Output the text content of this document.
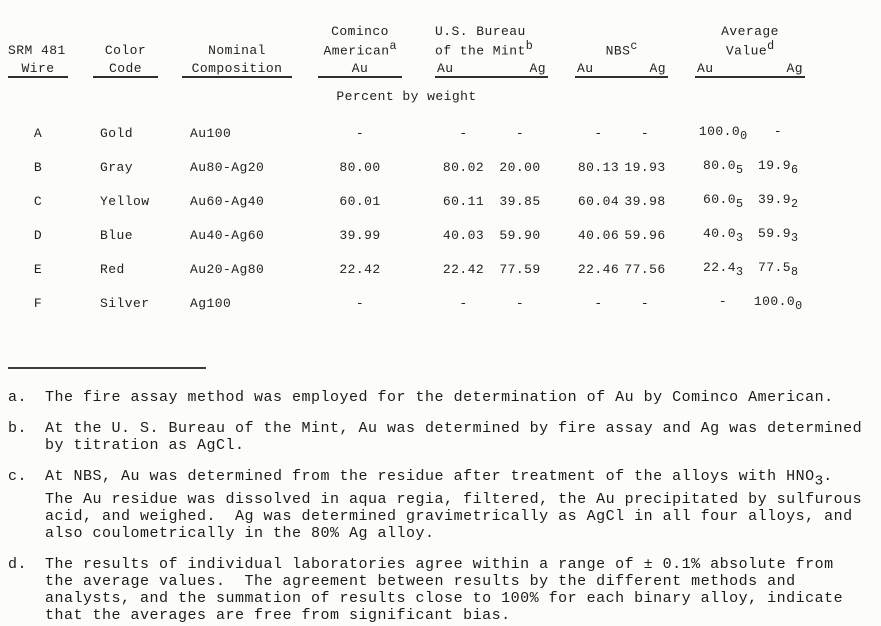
						Cominco		U.S. Bureau						Average	
SRM 481		Color		Nominal		Americana		of the Mintb			NBSc			Valued	
Wire		Code		Composition		Au		Au Ag			Au Ag			Au Ag	

Percent by weight															
A		Gold		Au100		-		-	-		-	-		100.00	-
B		Gray		Au80-Ag20		80.00		80.02	20.00		80.13	19.93		80.05	19.96
C		Yellow		Au60-Ag40		60.01		60.11	39.85		60.04	39.98		60.05	39.92
D		Blue		Au40-Ag60		39.99		40.03	59.90		40.06	59.96		40.03	59.93
E		Red		Au20-Ag80		22.42		22.42	77.59		22.46	77.56		22.43	77.58
F		Silver		Ag100		-		-	-		-	-		-	100.00
a.	The fire assay method was employed for the determination of Au by Cominco American.
b.	At the U. S. Bureau of the Mint, Au was determined by fire assay and Ag was determined
by titration as AgCl.
c.	At NBS, Au was determined from the residue after treatment of the alloys with HNO3.
The Au residue was dissolved in aqua regia, filtered, the Au precipitated by sulfurous
acid, and weighed.  Ag was determined gravimetrically as AgCl in all four alloys, and
also coulometrically in the 80% Ag alloy.
d.	The results of individual laboratories agree within a range of ± 0.1% absolute from
the average values.  The agreement between results by the different methods and
analysts, and the summation of results close to 100% for each binary alloy, indicate
that the averages are free from significant bias.
